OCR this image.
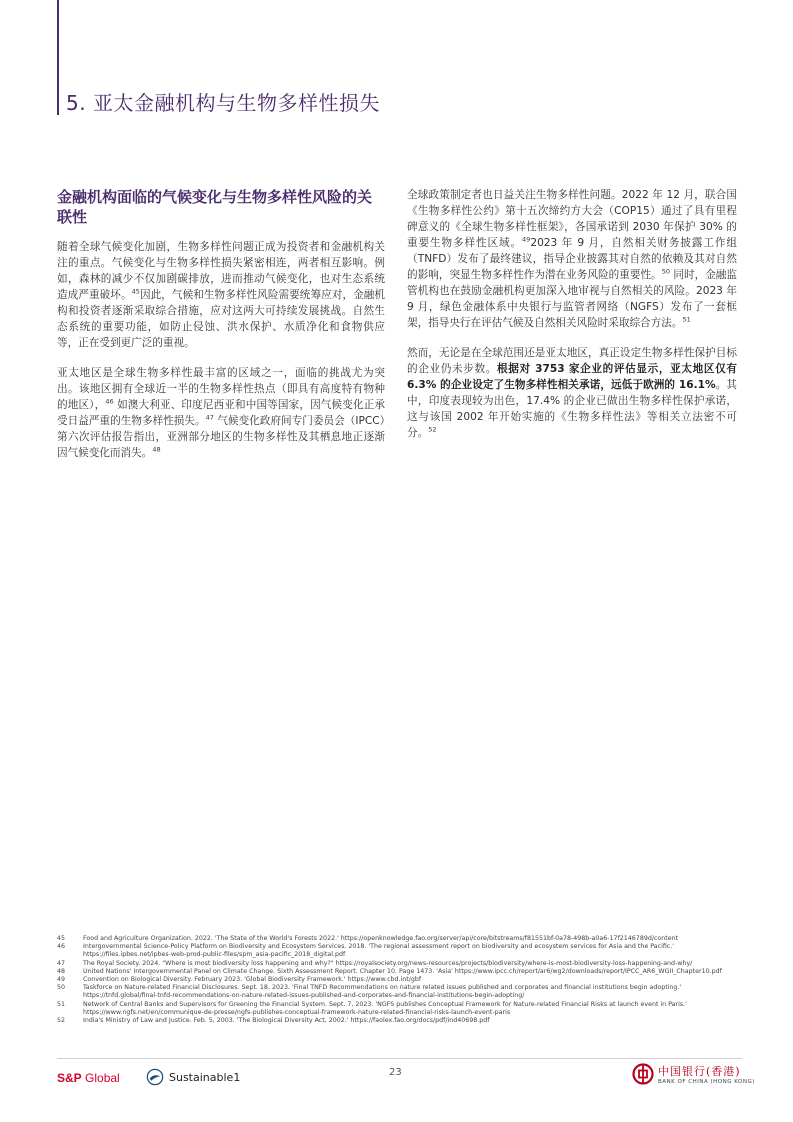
5. 亚太金融机构与生物多样性损失
金融机构面临的气候变化与生物多样性风险的关联性

随着全球气候变化加剧，生物多样性问题正成为投资者和金融机构关注的重点。气候变化与生物多样性损失紧密相连，两者相互影响。例如，森林的减少不仅加剧碳排放，进而推动气候变化，也对生态系统造成严重破坏。$^{45}$因此，气候和生物多样性风险需要统筹应对，金融机构和投资者逐渐采取综合措施，应对这两大可持续发展挑战。自然生态系统的重要功能，如防止侵蚀、洪水保护、水质净化和食物供应等，正在受到更广泛的重视。

亚太地区是全球生物多样性最丰富的区域之一，面临的挑战尤为突出。该地区拥有全球近一半的生物多样性热点（即具有高度特有物种的地区），$^{46}$ 如澳大利亚、印度尼西亚和中国等国家，因气候变化正承受日益严重的生物多样性损失。$^{47}$ 气候变化政府间专门委员会（IPCC）第六次评估报告指出，亚洲部分地区的生物多样性及其栖息地正逐渐因气候变化而消失。$^{48}$

全球政策制定者也日益关注生物多样性问题。2022 年 12 月，联合国《生物多样性公约》第十五次缔约方大会（COP15）通过了具有里程碑意义的《全球生物多样性框架》，各国承诺到 2030 年保护 30% 的重要生物多样性区域。$^{49}$2023 年 9 月，自然相关财务披露工作组（TNFD）发布了最终建议，指导企业披露其对自然的依赖及其对自然的影响，突显生物多样性作为潜在业务风险的重要性。$^{50}$ 同时，金融监管机构也在鼓励金融机构更加深入地审视与自然相关的风险。2023 年 9 月，绿色金融体系中央银行与监管者网络（NGFS）发布了一套框架，指导央行在评估气候及自然相关风险时采取综合方法。$^{51}$

然而，无论是在全球范围还是亚太地区，真正设定生物多样性保护目标的企业仍未步数。根据对 3753 家企业的评估显示，亚太地区仅有 6.3% 的企业设定了生物多样性相关承诺，远低于欧洲的 16.1%。其中，印度表现较为出色，17.4% 的企业已做出生物多样性保护承诺，这与该国 2002 年开始实施的《生物多样性法》等相关立法密不可分。$^{52}$

45	Food and Agriculture Organization. 2022. 'The State of the World's Forests 2022.' https://openknowledge.fao.org/server/api/core/bitstreams/f81551bf-0a78-498b-a0a6-17f2146789d/content
46	Intergovernmental Science-Policy Platform on Biodiversity and Ecosystem Services. 2018. 'The regional assessment report on biodiversity and ecosystem services for Asia and the Pacific.' https://files.ipbes.net/ipbes-web-prod-public-files/spm_asia-pacific_2018_digital.pdf
47	The Royal Society. 2024. "Where is most biodiversity loss happening and why?" https://royalsociety.org/news-resources/projects/biodiversity/where-is-most-biodiversity-loss-happening-and-why/
48	United Nations' Intergovernmental Panel on Climate Change. Sixth Assessment Report. Chapter 10. Page 1473. 'Asia' https://www.ipcc.ch/report/ar6/wg2/downloads/report/IPCC_AR6_WGII_Chapter10.pdf
49	Convention on Biological Diversity. February 2023. 'Global Biodiversity Framework.' https://www.cbd.int/gbf
50	Taskforce on Nature-related Financial Disclosures. Sept. 18, 2023. 'Final TNFD Recommendations on nature related issues published and corporates and financial institutions begin adopting.' https://tnfd.global/final-tnfd-recommendations-on-nature-related-issues-published-and-corporates-and-financial-institutions-begin-adopting/
51	Network of Central Banks and Supervisors for Greening the Financial System. Sept. 7, 2023. 'NGFS publishes Conceptual Framework for Nature-related Financial Risks at launch event in Paris.' https://www.ngfs.net/en/communique-de-presse/ngfs-publishes-conceptual-framework-nature-related-financial-risks-launch-event-paris
52	India's Ministry of Law and Justice. Feb. 5, 2003. 'The Biological Diversity Act, 2002.' https://faolex.fao.org/docs/pdf/ind40698.pdf
S&P Global	Sustainable1	23	中国银行(香港)
BANK OF CHINA (HONG KONG)
